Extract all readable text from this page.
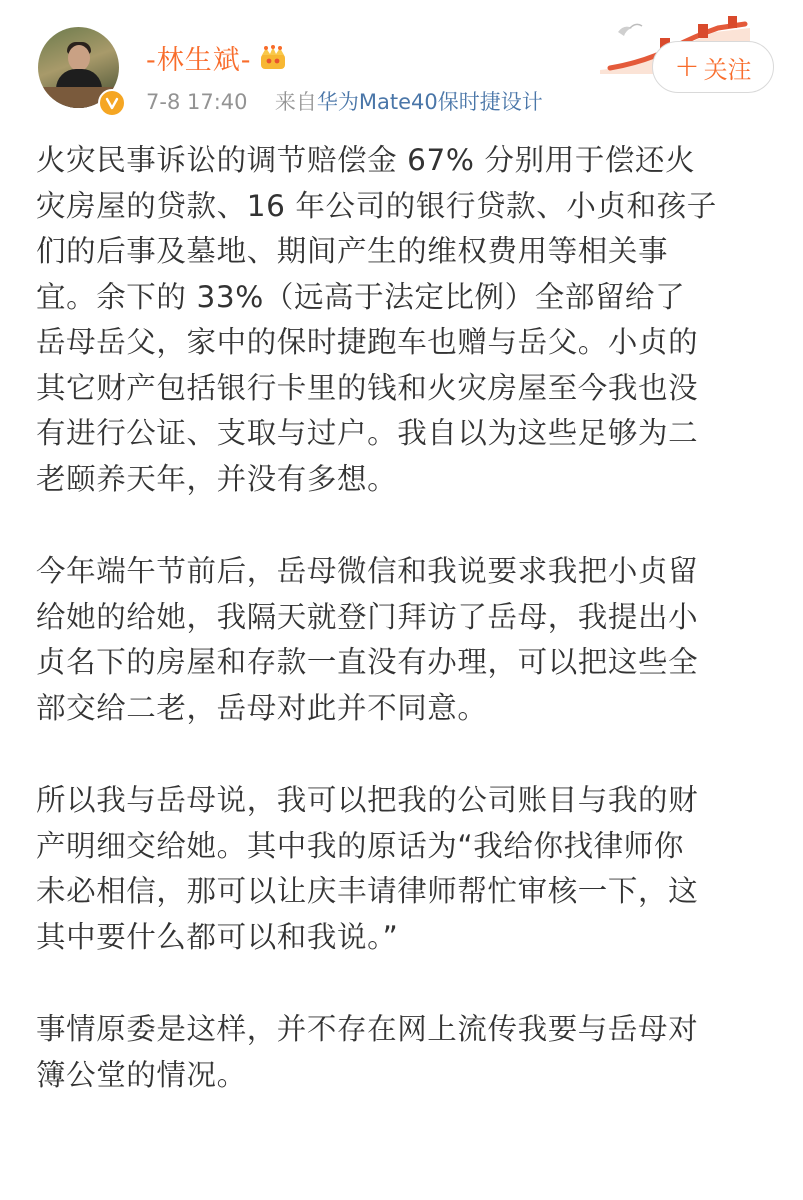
-林生斌-
7-8 17:40 来自华为Mate40保时捷设计
+ 关注

火灾民事诉讼的调节赔偿金 67% 分别用于偿还火
灾房屋的贷款、16 年公司的银行贷款、小贞和孩子
们的后事及墓地、期间产生的维权费用等相关事
宜。余下的 33%（远高于法定比例）全部留给了
岳母岳父，家中的保时捷跑车也赠与岳父。小贞的
其它财产包括银行卡里的钱和火灾房屋至今我也没
有进行公证、支取与过户。我自以为这些足够为二
老颐养天年，并没有多想。

今年端午节前后，岳母微信和我说要求我把小贞留
给她的给她，我隔天就登门拜访了岳母，我提出小
贞名下的房屋和存款一直没有办理，可以把这些全
部交给二老，岳母对此并不同意。

所以我与岳母说，我可以把我的公司账目与我的财
产明细交给她。其中我的原话为“我给你找律师你
未必相信，那可以让庆丰请律师帮忙审核一下，这
其中要什么都可以和我说。”

事情原委是这样，并不存在网上流传我要与岳母对
簿公堂的情况。
